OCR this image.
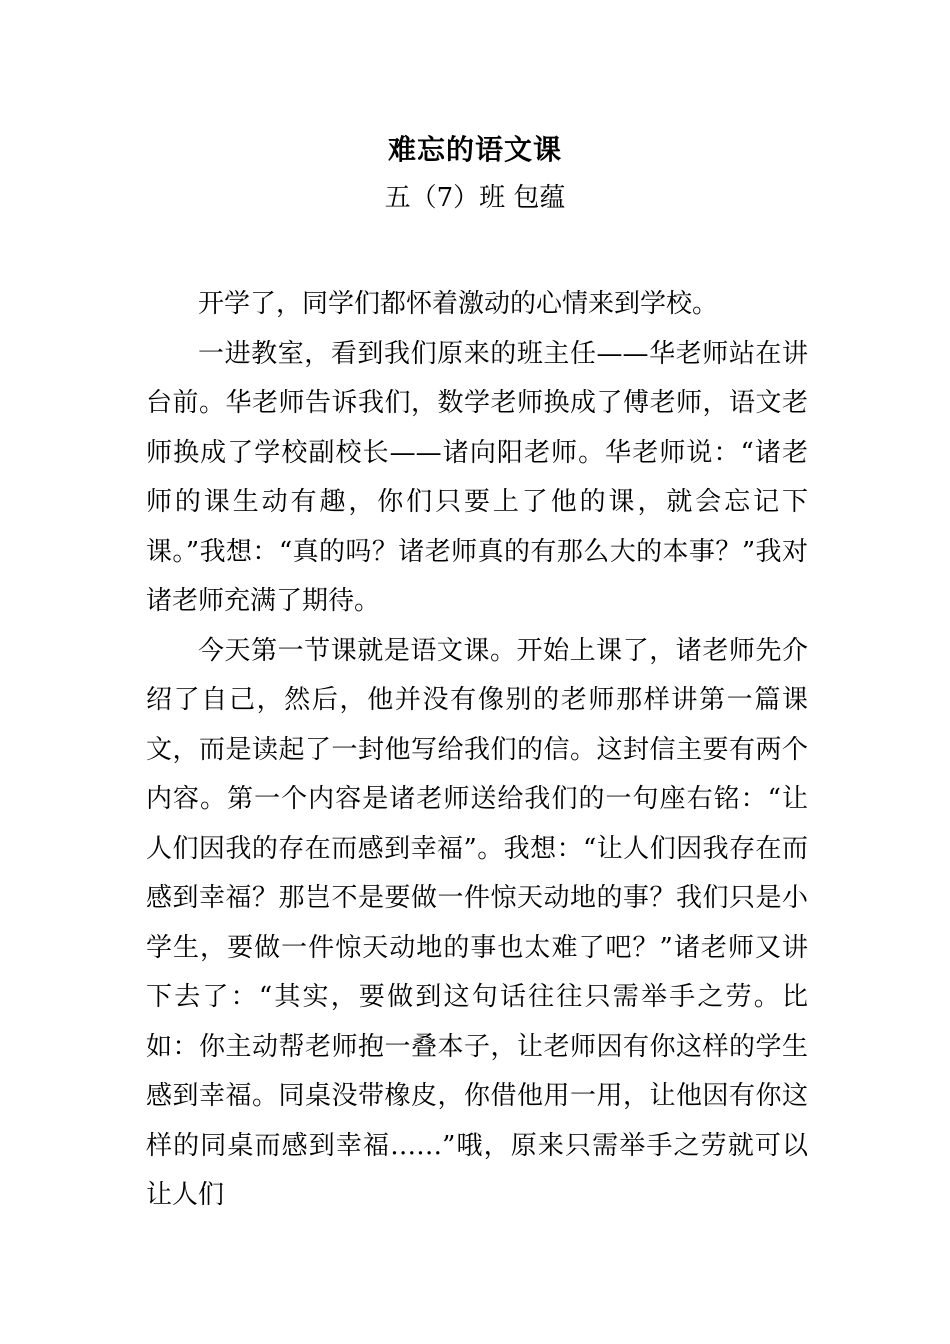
难忘的语文课
五（7）班 包蕴

开学了，同学们都怀着激动的心情来到学校。

一进教室，看到我们原来的班主任——华老师站在讲台前。华老师告诉我们，数学老师换成了傅老师，语文老师换成了学校副校长——诸向阳老师。华老师说：“诸老师的课生动有趣，你们只要上了他的课，就会忘记下课。”我想：“真的吗？诸老师真的有那么大的本事？”我对诸老师充满了期待。

今天第一节课就是语文课。开始上课了，诸老师先介绍了自己，然后，他并没有像别的老师那样讲第一篇课文，而是读起了一封他写给我们的信。这封信主要有两个内容。第一个内容是诸老师送给我们的一句座右铭：“让人们因我的存在而感到幸福”。我想：“让人们因我存在而感到幸福？那岂不是要做一件惊天动地的事？我们只是小学生，要做一件惊天动地的事也太难了吧？”诸老师又讲下去了：“其实，要做到这句话往往只需举手之劳。比如：你主动帮老师抱一叠本子，让老师因有你这样的学生感到幸福。同桌没带橡皮，你借他用一用，让他因有你这样的同桌而感到幸福……”哦，原来只需举手之劳就可以让人们
